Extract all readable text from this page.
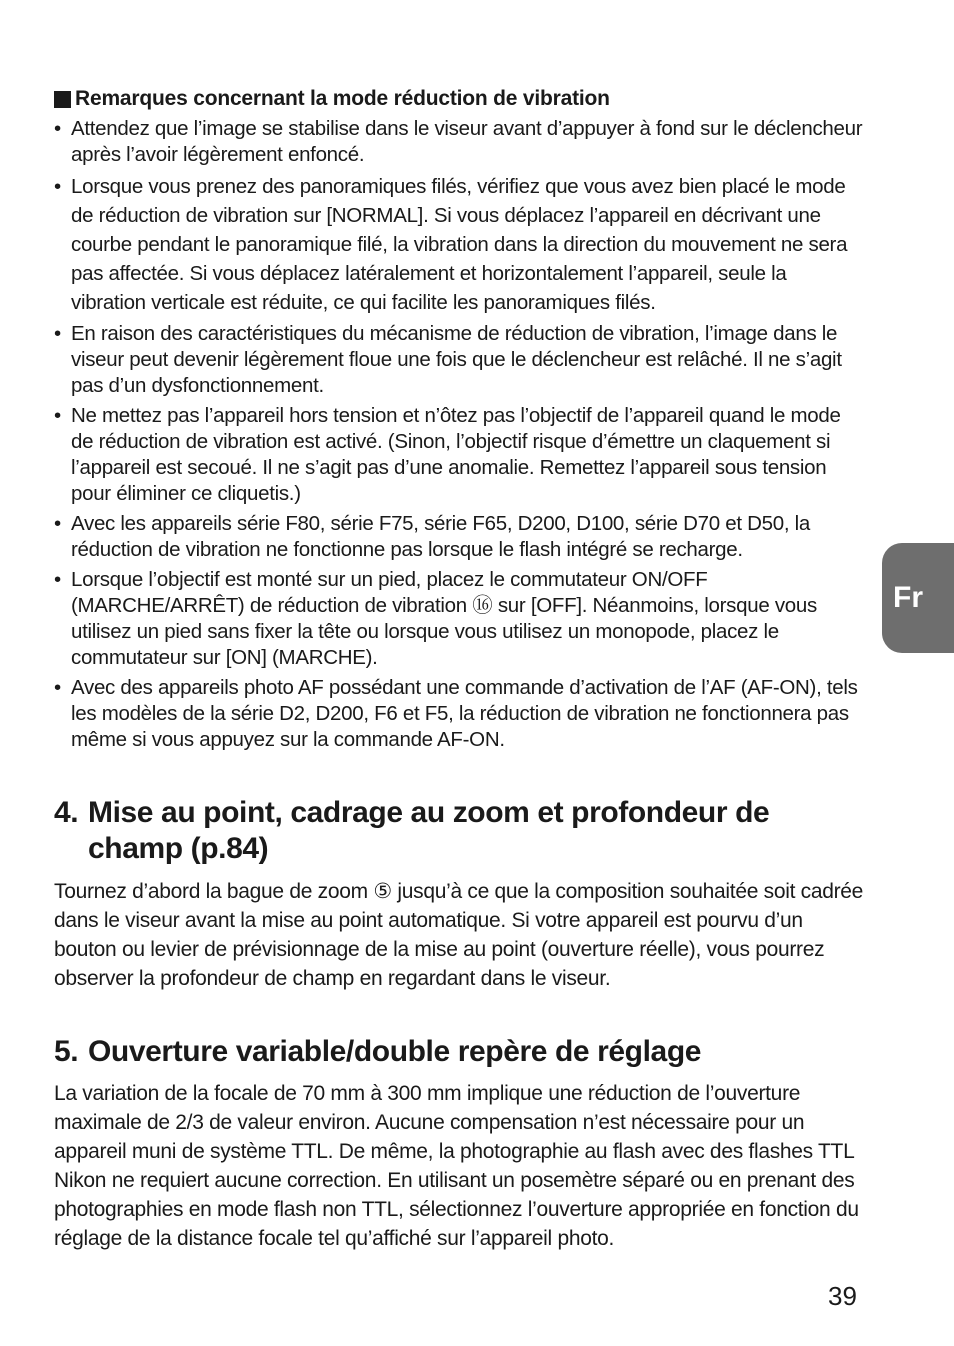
Remarques concernant la mode réduction de vibration
• Attendez que l’image se stabilise dans le viseur avant d’appuyer à fond sur le déclencheur après l’avoir légèrement enfoncé.
• Lorsque vous prenez des panoramiques filés, vérifiez que vous avez bien placé le mode de réduction de vibration sur [NORMAL]. Si vous déplacez l’appareil en décrivant une courbe pendant le panoramique filé, la vibration dans la direction du mouvement ne sera pas affectée. Si vous déplacez latéralement et horizontalement l’appareil, seule la vibration verticale est réduite, ce qui facilite les panoramiques filés.
• En raison des caractéristiques du mécanisme de réduction de vibration, l’image dans le viseur peut devenir légèrement floue une fois que le déclencheur est relâché. Il ne s’agit pas d’un dysfonctionnement.
• Ne mettez pas l’appareil hors tension et n’ôtez pas l’objectif de l’appareil quand le mode de réduction de vibration est activé. (Sinon, l’objectif risque d’émettre un claquement si l’appareil est secoué. Il ne s’agit pas d’une anomalie. Remettez l’appareil sous tension pour éliminer ce cliquetis.)
• Avec les appareils série F80, série F75, série F65, D200, D100, série D70 et D50, la réduction de vibration ne fonctionne pas lorsque le flash intégré se recharge.
• Lorsque l’objectif est monté sur un pied, placez le commutateur ON/OFF (MARCHE/ARRÊT) de réduction de vibration ⑯ sur [OFF]. Néanmoins, lorsque vous utilisez un pied sans fixer la tête ou lorsque vous utilisez un monopode, placez le commutateur sur [ON] (MARCHE).
• Avec des appareils photo AF possédant une commande d’activation de l’AF (AF-ON), tels les modèles de la série D2, D200, F6 et F5, la réduction de vibration ne fonctionnera pas même si vous appuyez sur la commande AF-ON.
4. Mise au point, cadrage au zoom et profondeur de
champ (p.84)

Tournez d’abord la bague de zoom ⑤ jusqu’à ce que la composition souhaitée soit cadrée dans le viseur avant la mise au point automatique. Si votre appareil est pourvu d’un bouton ou levier de prévisionnage de la mise au point (ouverture réelle), vous pourrez observer la profondeur de champ en regardant dans le viseur.

5. Ouverture variable/double repère de réglage

La variation de la focale de 70 mm à 300 mm implique une réduction de l’ouverture maximale de 2/3 de valeur environ. Aucune compensation n’est nécessaire pour un appareil muni de système TTL. De même, la photographie au flash avec des flashes TTL Nikon ne requiert aucune correction. En utilisant un posemètre séparé ou en prenant des photographies en mode flash non TTL, sélectionnez l’ouverture appropriée en fonction du réglage de la distance focale tel qu’affiché sur l’appareil photo.

Fr
39
